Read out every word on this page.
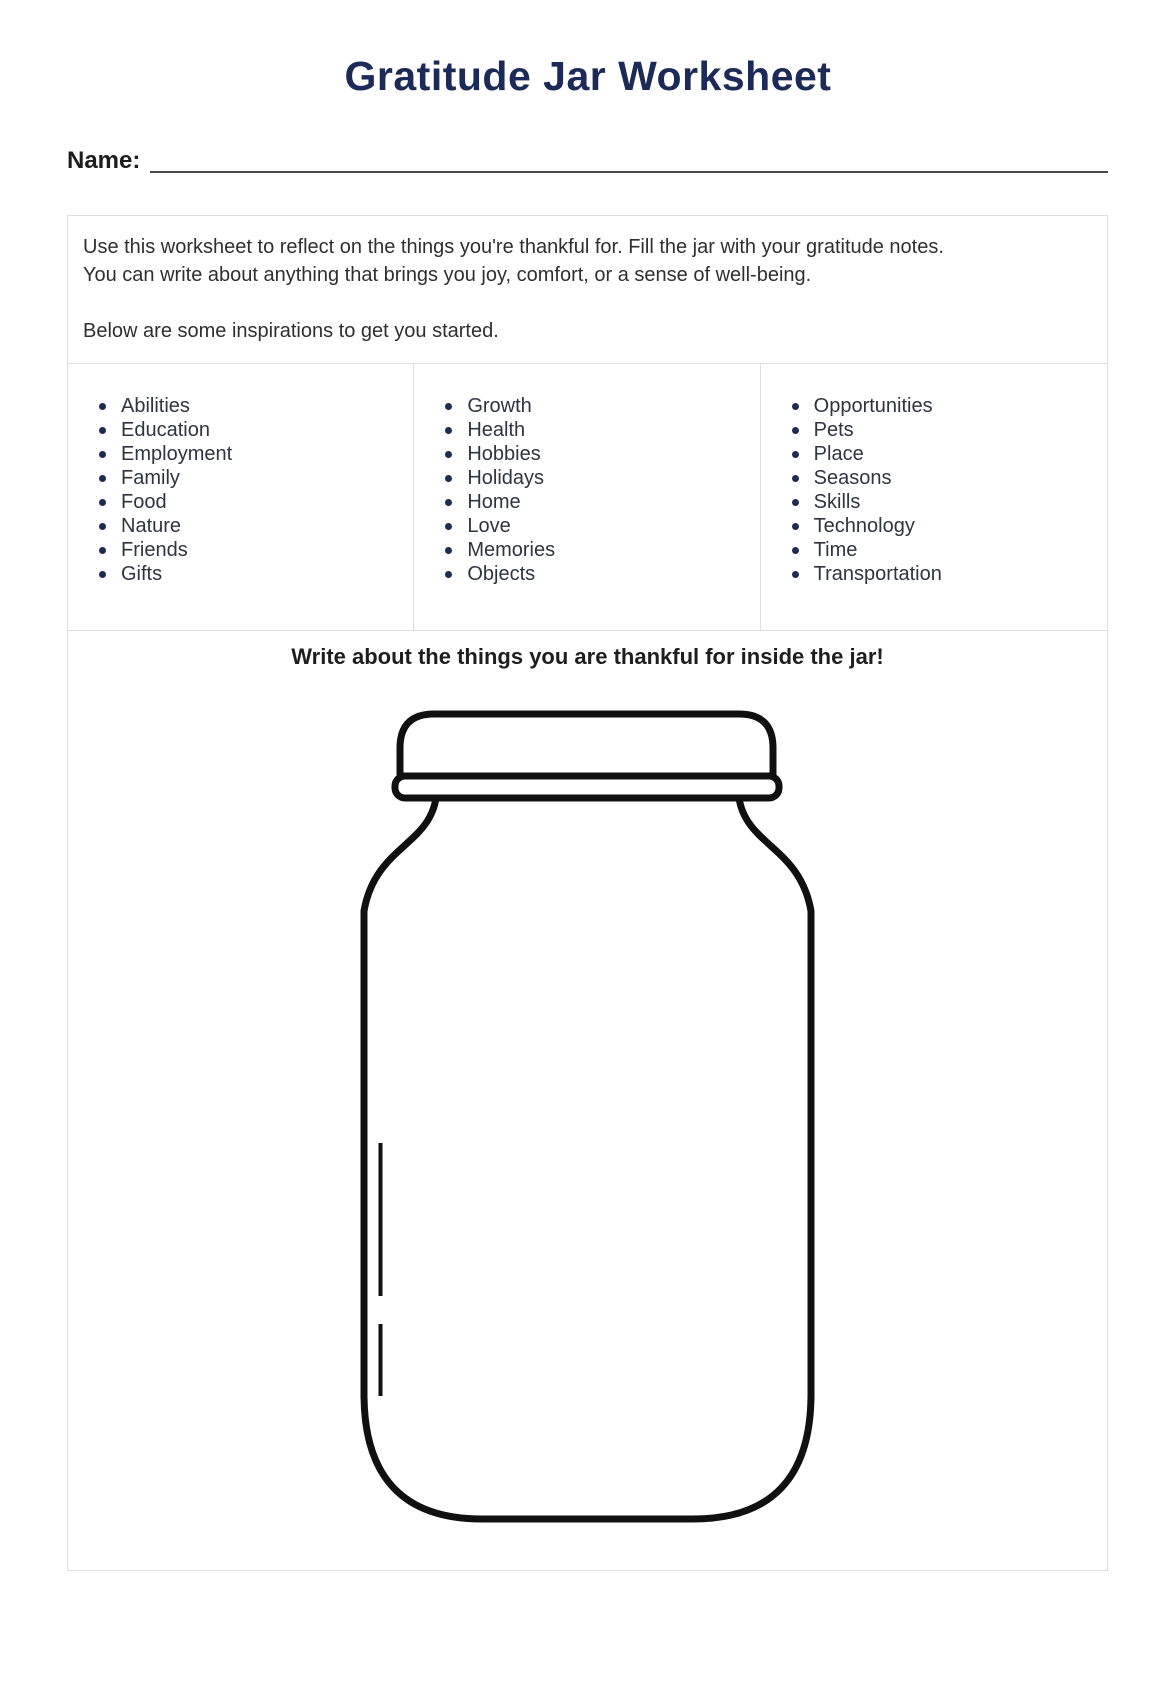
Gratitude Jar Worksheet
Name:

Use this worksheet to reflect on the things you're thankful for. Fill the jar with your gratitude notes.

You can write about anything that brings you joy, comfort, or a sense of well-being.

Below are some inspirations to get you started.

Abilities
Education
Employment
Family
Food
Nature
Friends
Gifts
Growth
Health
Hobbies
Holidays
Home
Love
Memories
Objects
Opportunities
Pets
Place
Seasons
Skills
Technology
Time
Transportation
Write about the things you are thankful for inside the jar!
